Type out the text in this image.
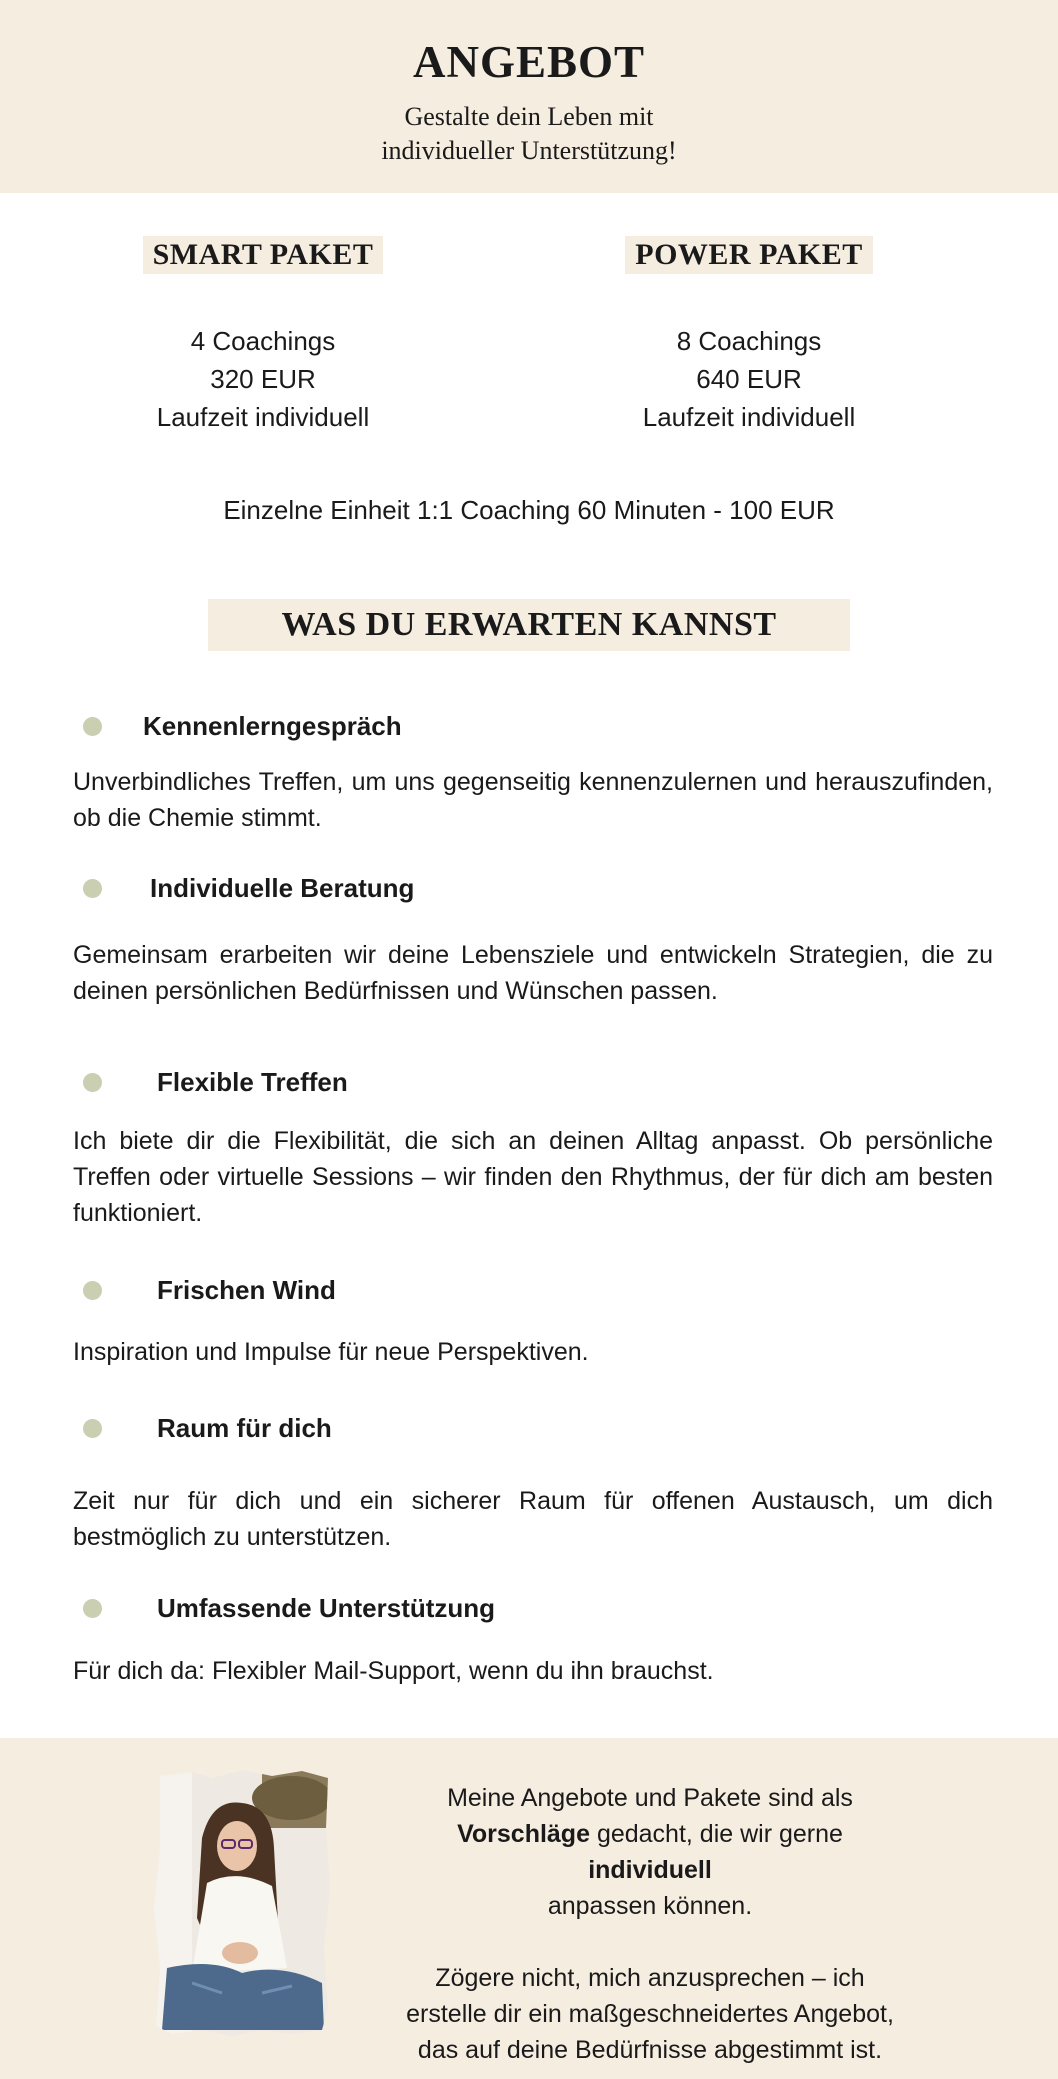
ANGEBOT
Gestalte dein Leben mit
individueller Unterstützung!
SMART PAKET
4 Coachings
320 EUR
Laufzeit individuell
POWER PAKET
8 Coachings
640 EUR
Laufzeit individuell
Einzelne Einheit 1:1 Coaching 60 Minuten - 100 EUR
WAS DU ERWARTEN KANNST
Kennenlerngespräch
Unverbindliches Treffen, um uns gegenseitig kennenzulernen und herauszufinden, ob die Chemie stimmt.
Individuelle Beratung
Gemeinsam erarbeiten wir deine Lebensziele und entwickeln Strategien, die zu deinen persönlichen Bedürfnissen und Wünschen passen.
Flexible Treffen
Ich biete dir die Flexibilität, die sich an deinen Alltag anpasst. Ob persönliche Treffen oder virtuelle Sessions – wir finden den Rhythmus, der für dich am besten funktioniert.
Frischen Wind
Inspiration und Impulse für neue Perspektiven.
Raum für dich
Zeit nur für dich und ein sicherer Raum für offenen Austausch, um dich bestmöglich zu unterstützen.
Umfassende Unterstützung
Für dich da: Flexibler Mail-Support, wenn du ihn brauchst.

Meine Angebote und Pakete sind als

Vorschläge gedacht, die wir gerne individuell

anpassen können.

Zögere nicht, mich anzusprechen – ich

erstelle dir ein maßgeschneidertes Angebot,

das auf deine Bedürfnisse abgestimmt ist.
